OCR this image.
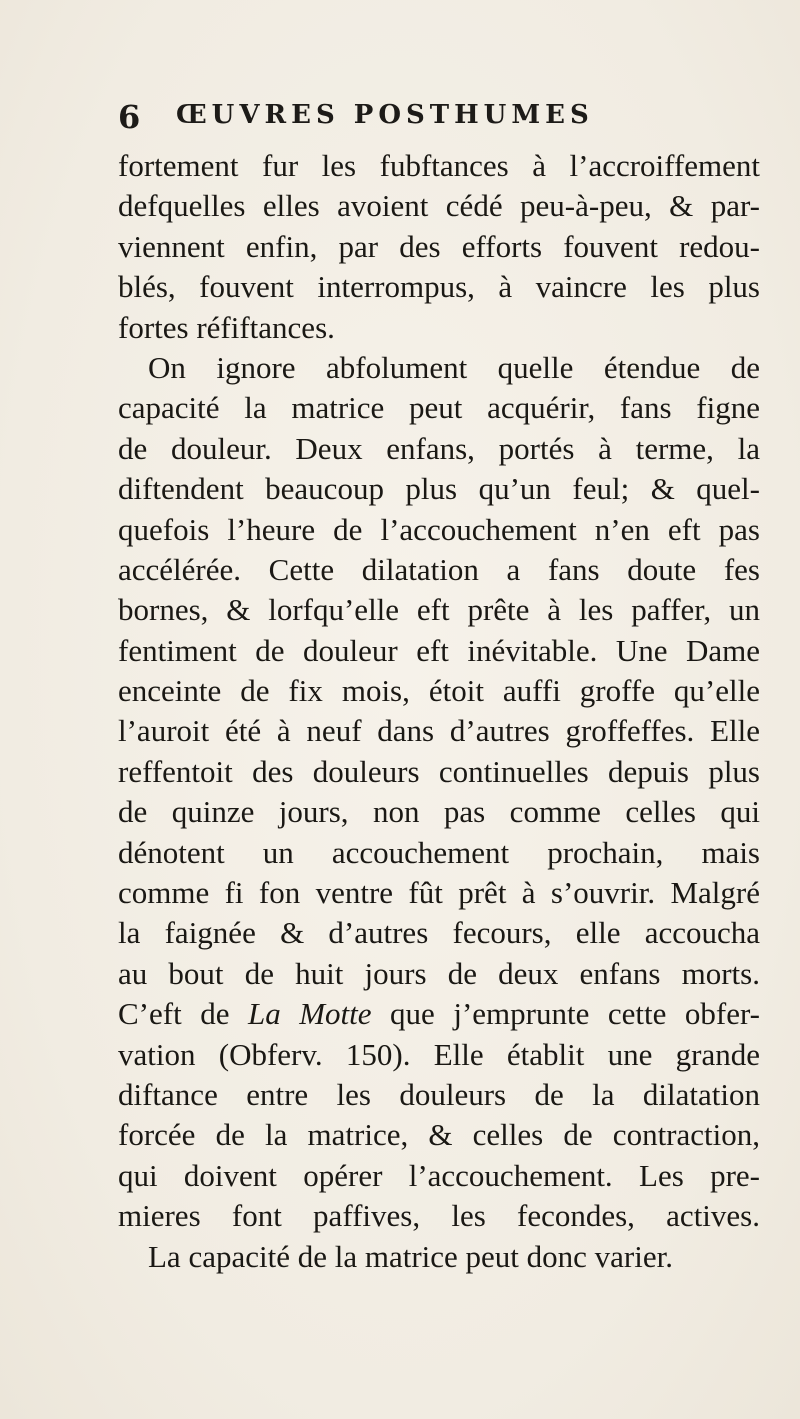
6 ŒUVRES POSTHUMES
fortement fur les fubftances à l’accroiffement
defquelles elles avoient cédé peu-à-peu, & par-
viennent enfin, par des efforts fouvent redou-
blés, fouvent interrompus, à vaincre les plus
fortes réfiftances.
On ignore abfolument quelle étendue de
capacité la matrice peut acquérir, fans figne
de douleur. Deux enfans, portés à terme, la
diftendent beaucoup plus qu’un feul; & quel-
quefois l’heure de l’accouchement n’en eft pas
accélérée. Cette dilatation a fans doute fes
bornes, & lorfqu’elle eft prête à les paffer, un
fentiment de douleur eft inévitable. Une Dame
enceinte de fix mois, étoit auffi groffe qu’elle
l’auroit été à neuf dans d’autres groffeffes. Elle
reffentoit des douleurs continuelles depuis plus
de quinze jours, non pas comme celles qui
dénotent un accouchement prochain, mais
comme fi fon ventre fût prêt à s’ouvrir. Malgré
la faignée & d’autres fecours, elle accoucha
au bout de huit jours de deux enfans morts.
C’eft de La Motte que j’emprunte cette obfer-
vation (Obferv. 150). Elle établit une grande
diftance entre les douleurs de la dilatation
forcée de la matrice, & celles de contraction,
qui doivent opérer l’accouchement. Les pre-
mieres font paffives, les fecondes, actives.
La capacité de la matrice peut donc varier.
